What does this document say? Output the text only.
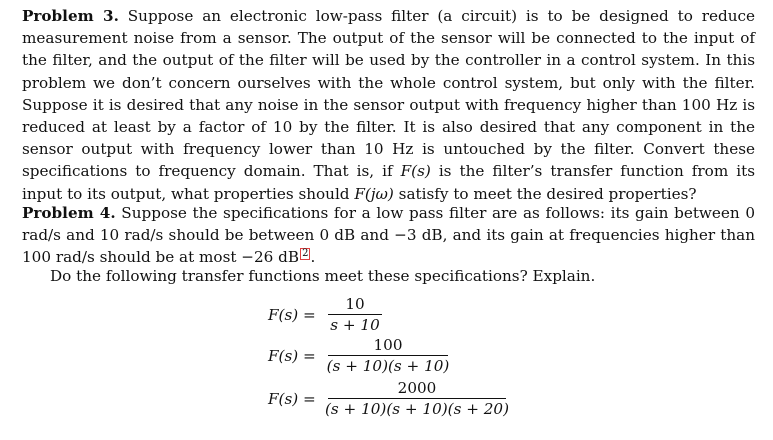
Problem 3. Suppose an electronic low-pass filter (a circuit) is to be designed to reduce measurement noise from a sensor. The output of the sensor will be connected to the input of the filter, and the output of the filter will be used by the controller in a control system. In this problem we don’t concern ourselves with the whole control system, but only with the filter. Suppose it is desired that any noise in the sensor output with frequency higher than 100 Hz is reduced at least by a factor of 10 by the filter. It is also desired that any component in the sensor output with frequency lower than 10 Hz is untouched by the filter. Convert these specifications to frequency domain. That is, if F(s) is the filter’s transfer function from its input to its output, what properties should F(jω) satisfy to meet the desired properties?
Problem 4. Suppose the specifications for a low pass filter are as follows: its gain between 0 rad/s and 10 rad/s should be between 0 dB and −3 dB, and its gain at frequencies higher than 100 rad/s should be at most −26 dB 2 .
Do the following transfer functions meet these specifications? Explain.
F(s) =
10
s + 10
F(s) =
100
(s + 10)(s + 10)
F(s) =
2000
(s + 10)(s + 10)(s + 20)
